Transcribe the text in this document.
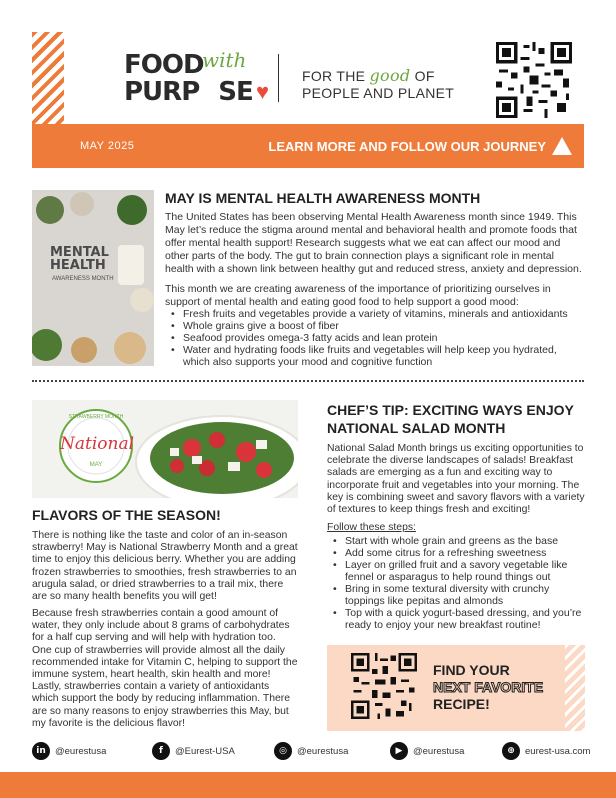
FOOD
with
PURP SE ♥
FOR THE good OF
PEOPLE AND PLANET
MAY 2025	LEARN MORE AND FOLLOW OUR JOURNEY
MENTAL HEALTH
AWARENESS MONTH
MAY IS MENTAL HEALTH AWARENESS MONTH
The United States has been observing Mental Health Awareness month since 1949. This May let’s reduce the stigma around mental and behavioral health and promote foods that offer mental health support! Research suggests what we eat can affect our mood and other parts of the body. The gut to brain connection plays a significant role in mental health with a shown link between healthy gut and reduced stress, anxiety and depression.
This month we are creating awareness of the importance of prioritizing ourselves in support of mental health and eating good food to help support a good mood:
• Fresh fruits and vegetables provide a variety of vitamins, minerals and antioxidants
• Whole grains give a boost of fiber
• Seafood provides omega-3 fatty acids and lean protein
• Water and hydrating foods like fruits and vegetables will help keep you hydrated, which also supports your mood and cognitive function
STRAWBERRY MONTH
National
MAY
FLAVORS OF THE SEASON!
There is nothing like the taste and color of an in-season strawberry! May is National Strawberry Month and a great time to enjoy this delicious berry. Whether you are adding frozen strawberries to smoothies, fresh strawberries to an arugula salad, or dried strawberries to a trail mix, there are so many health benefits you will get!
Because fresh strawberries contain a good amount of water, they only include about 8 grams of carbohydrates for a half cup serving and will help with hydration too. One cup of strawberries will provide almost all the daily recommended intake for Vitamin C, helping to support the immune system, heart health, skin health and more! Lastly, strawberries contain a variety of antioxidants which support the body by reducing inflammation. There are so many reasons to enjoy strawberries this May, but my favorite is the delicious flavor!
CHEF’S TIP: EXCITING WAYS ENJOY
NATIONAL SALAD MONTH
National Salad Month brings us exciting opportunities to celebrate the diverse landscapes of salads! Breakfast salads are emerging as a fun and exciting way to incorporate fruit and vegetables into your morning. The key is combining sweet and savory flavors with a variety of textures to keep things fresh and exciting!
Follow these steps:
• Start with whole grain and greens as the base
• Add some citrus for a refreshing sweetness
• Layer on grilled fruit and a savory vegetable like fennel or asparagus to help round things out
• Bring in some textural diversity with crunchy toppings like pepitas and almonds
• Top with a quick yogurt-based dressing, and you’re ready to enjoy your new breakfast routine!
FIND YOUR
NEXT FAVORITE
RECIPE!
in @eurestusa	f	@Eurest-USA	◎	@eurestusa	▶	@eurestusa	⊕	eurest-usa.com
